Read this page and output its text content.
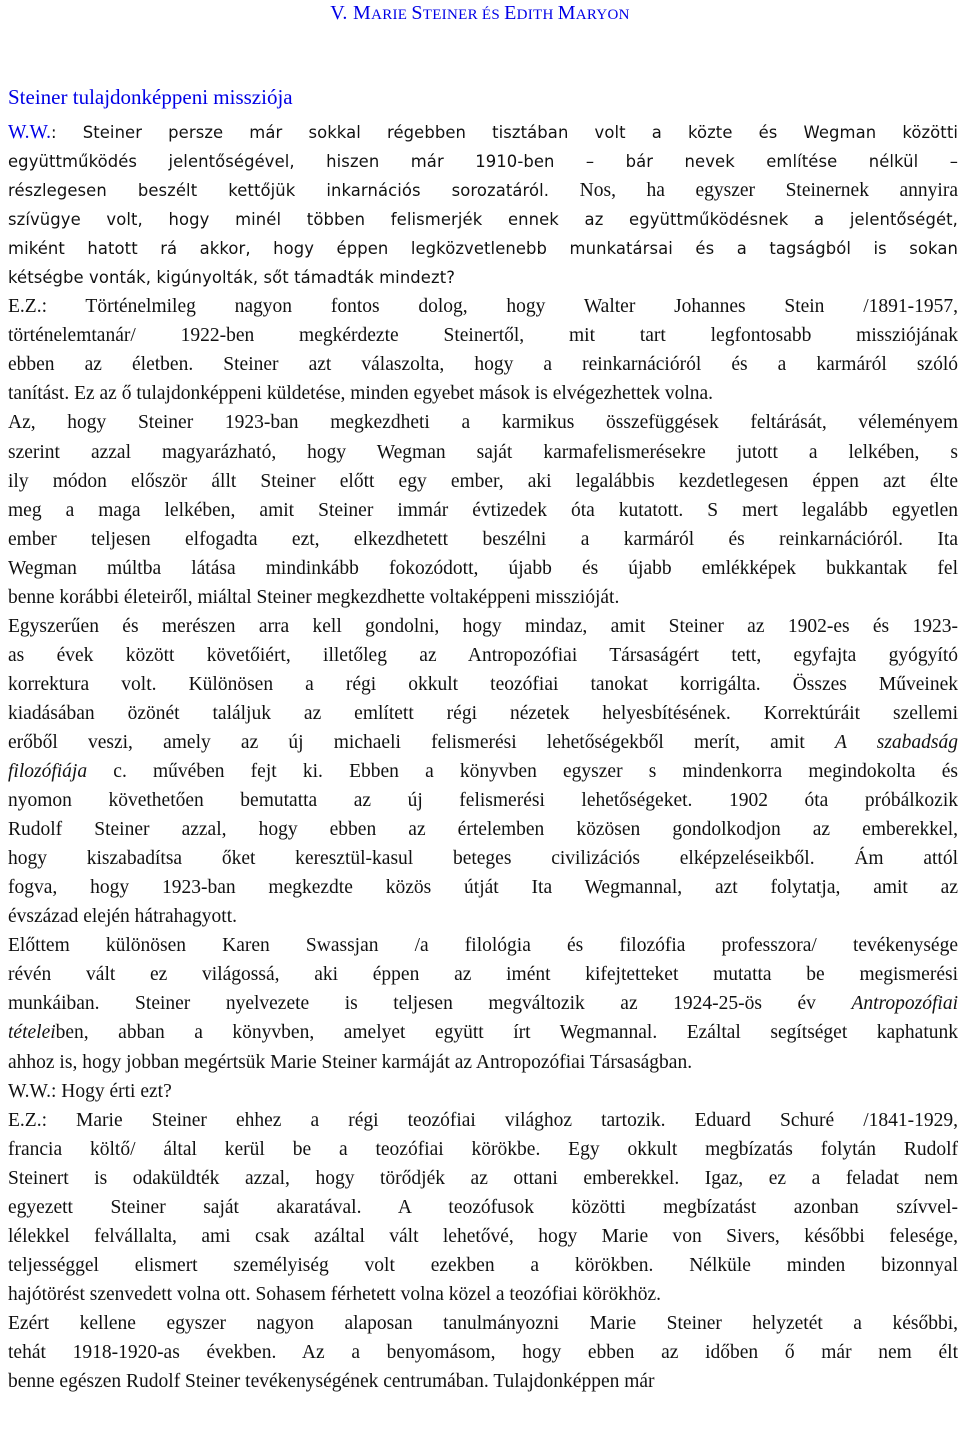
V. MARIE STEINER ÉS EDITH MARYON
Steiner tulajdonképpeni missziója

W.W.: Steiner persze már sokkal régebben tisztában volt a közte és Wegman közötti
együttműködés jelentőségével, hiszen már 1910-ben – bár nevek említése nélkül –
részlegesen beszélt kettőjük inkarnációs sorozatáról. Nos, ha egyszer Steinernek annyira
szívügye volt, hogy minél többen felismerjék ennek az együttműködésnek a jelentőségét,
miként hatott rá akkor, hogy éppen legközvetlenebb munkatársai és a tagságból is sokan
kétségbe vonták, kigúnyolták, sőt támadták mindezt?

E.Z.: Történelmileg nagyon fontos dolog, hogy Walter Johannes Stein /1891-1957,
történelemtanár/ 1922-ben megkérdezte Steinertől, mit tart legfontosabb missziójának
ebben az életben. Steiner azt válaszolta, hogy a reinkarnációról és a karmáról szóló
tanítást. Ez az ő tulajdonképpeni küldetése, minden egyebet mások is elvégezhettek volna.

Az, hogy Steiner 1923-ban megkezdheti a karmikus összefüggések feltárását, véleményem
szerint azzal magyarázható, hogy Wegman saját karmafelismerésekre jutott a lelkében, s
ily módon először állt Steiner előtt egy ember, aki legalábbis kezdetlegesen éppen azt élte
meg a maga lelkében, amit Steiner immár évtizedek óta kutatott. S mert legalább egyetlen
ember teljesen elfogadta ezt, elkezdhetett beszélni a karmáról és reinkarnációról. Ita
Wegman múltba látása mindinkább fokozódott, újabb és újabb emlékképek bukkantak fel
benne korábbi életeiről, miáltal Steiner megkezdhette voltaképpeni misszióját.

Egyszerűen és merészen arra kell gondolni, hogy mindaz, amit Steiner az 1902-es és 1923-
as évek között követőiért, illetőleg az Antropozófiai Társaságért tett, egyfajta gyógyító
korrektura volt. Különösen a régi okkult teozófiai tanokat korrigálta. Összes Műveinek
kiadásában özönét találjuk az említett régi nézetek helyesbítésének. Korrektúráit szellemi
erőből veszi, amely az új michaeli felismerési lehetőségekből merít, amit A szabadság
filozófiája c. művében fejt ki. Ebben a könyvben egyszer s mindenkorra megindokolta és
nyomon követhetően bemutatta az új felismerési lehetőségeket. 1902 óta próbálkozik
Rudolf Steiner azzal, hogy ebben az értelemben közösen gondolkodjon az emberekkel,
hogy kiszabadítsa őket keresztül-kasul beteges civilizációs elképzeléseikből. Ám attól
fogva, hogy 1923-ban megkezdte közös útját Ita Wegmannal, azt folytatja, amit az
évszázad elején hátrahagyott.

Előttem különösen Karen Swassjan /a filológia és filozófia professzora/ tevékenysége
révén vált ez világossá, aki éppen az imént kifejtetteket mutatta be megismerési
munkáiban. Steiner nyelvezete is teljesen megváltozik az 1924-25-ös év Antropozófiai
tételeiben, abban a könyvben, amelyet együtt írt Wegmannal. Ezáltal segítséget kaphatunk
ahhoz is, hogy jobban megértsük Marie Steiner karmáját az Antropozófiai Társaságban.

W.W.: Hogy érti ezt?

E.Z.: Marie Steiner ehhez a régi teozófiai világhoz tartozik. Eduard Schuré /1841-1929,
francia költő/ által kerül be a teozófiai körökbe. Egy okkult megbízatás folytán Rudolf
Steinert is odaküldték azzal, hogy törődjék az ottani emberekkel. Igaz, ez a feladat nem
egyezett Steiner saját akaratával. A teozófusok közötti megbízatást azonban szívvel-
lélekkel felvállalta, ami csak azáltal vált lehetővé, hogy Marie von Sivers, későbbi felesége,
teljességgel elismert személyiség volt ezekben a körökben. Nélküle minden bizonnyal
hajótörést szenvedett volna ott. Sohasem férhetett volna közel a teozófiai körökhöz.

Ezért kellene egyszer nagyon alaposan tanulmányozni Marie Steiner helyzetét a későbbi,
tehát 1918-1920-as években. Az a benyomásom, hogy ebben az időben ő már nem élt
benne egészen Rudolf Steiner tevékenységének centrumában. Tulajdonképpen már
